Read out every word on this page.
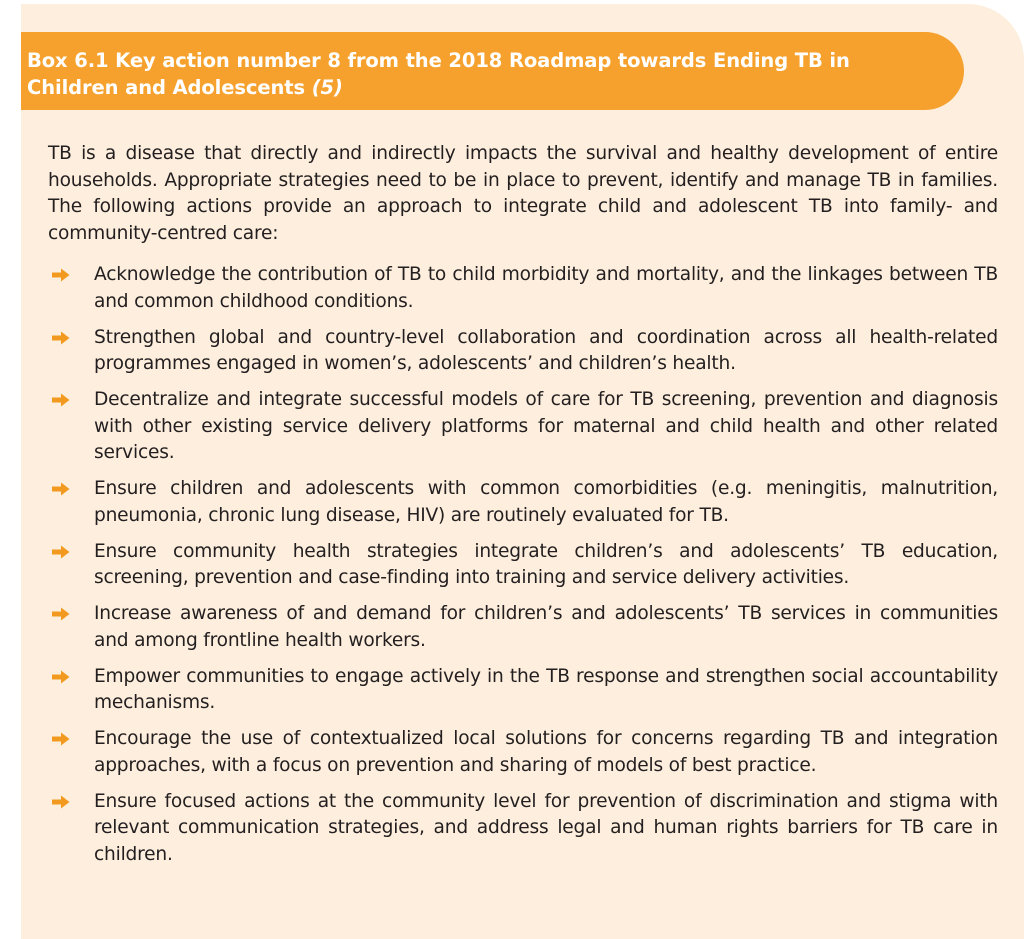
Box 6.1 Key action number 8 from the 2018 Roadmap towards Ending TB in Children and Adolescents (5)

TB is a disease that directly and indirectly impacts the survival and healthy development of entire households. Appropriate strategies need to be in place to prevent, identify and manage TB in families. The following actions provide an approach to integrate child and adolescent TB into family- and community-centred care:

Acknowledge the contribution of TB to child morbidity and mortality, and the linkages between TB and common childhood conditions.
Strengthen global and country-level collaboration and coordination across all health-related programmes engaged in women’s, adolescents’ and children’s health.
Decentralize and integrate successful models of care for TB screening, prevention and diagnosis with other existing service delivery platforms for maternal and child health and other related services.
Ensure children and adolescents with common comorbidities (e.g. meningitis, malnutrition, pneumonia, chronic lung disease, HIV) are routinely evaluated for TB.
Ensure community health strategies integrate children’s and adolescents’ TB education, screening, prevention and case-finding into training and service delivery activities.
Increase awareness of and demand for children’s and adolescents’ TB services in communities and among frontline health workers.
Empower communities to engage actively in the TB response and strengthen social accountability mechanisms.
Encourage the use of contextualized local solutions for concerns regarding TB and integration approaches, with a focus on prevention and sharing of models of best practice.
Ensure focused actions at the community level for prevention of discrimination and stigma with relevant communication strategies, and address legal and human rights barriers for TB care in children.
